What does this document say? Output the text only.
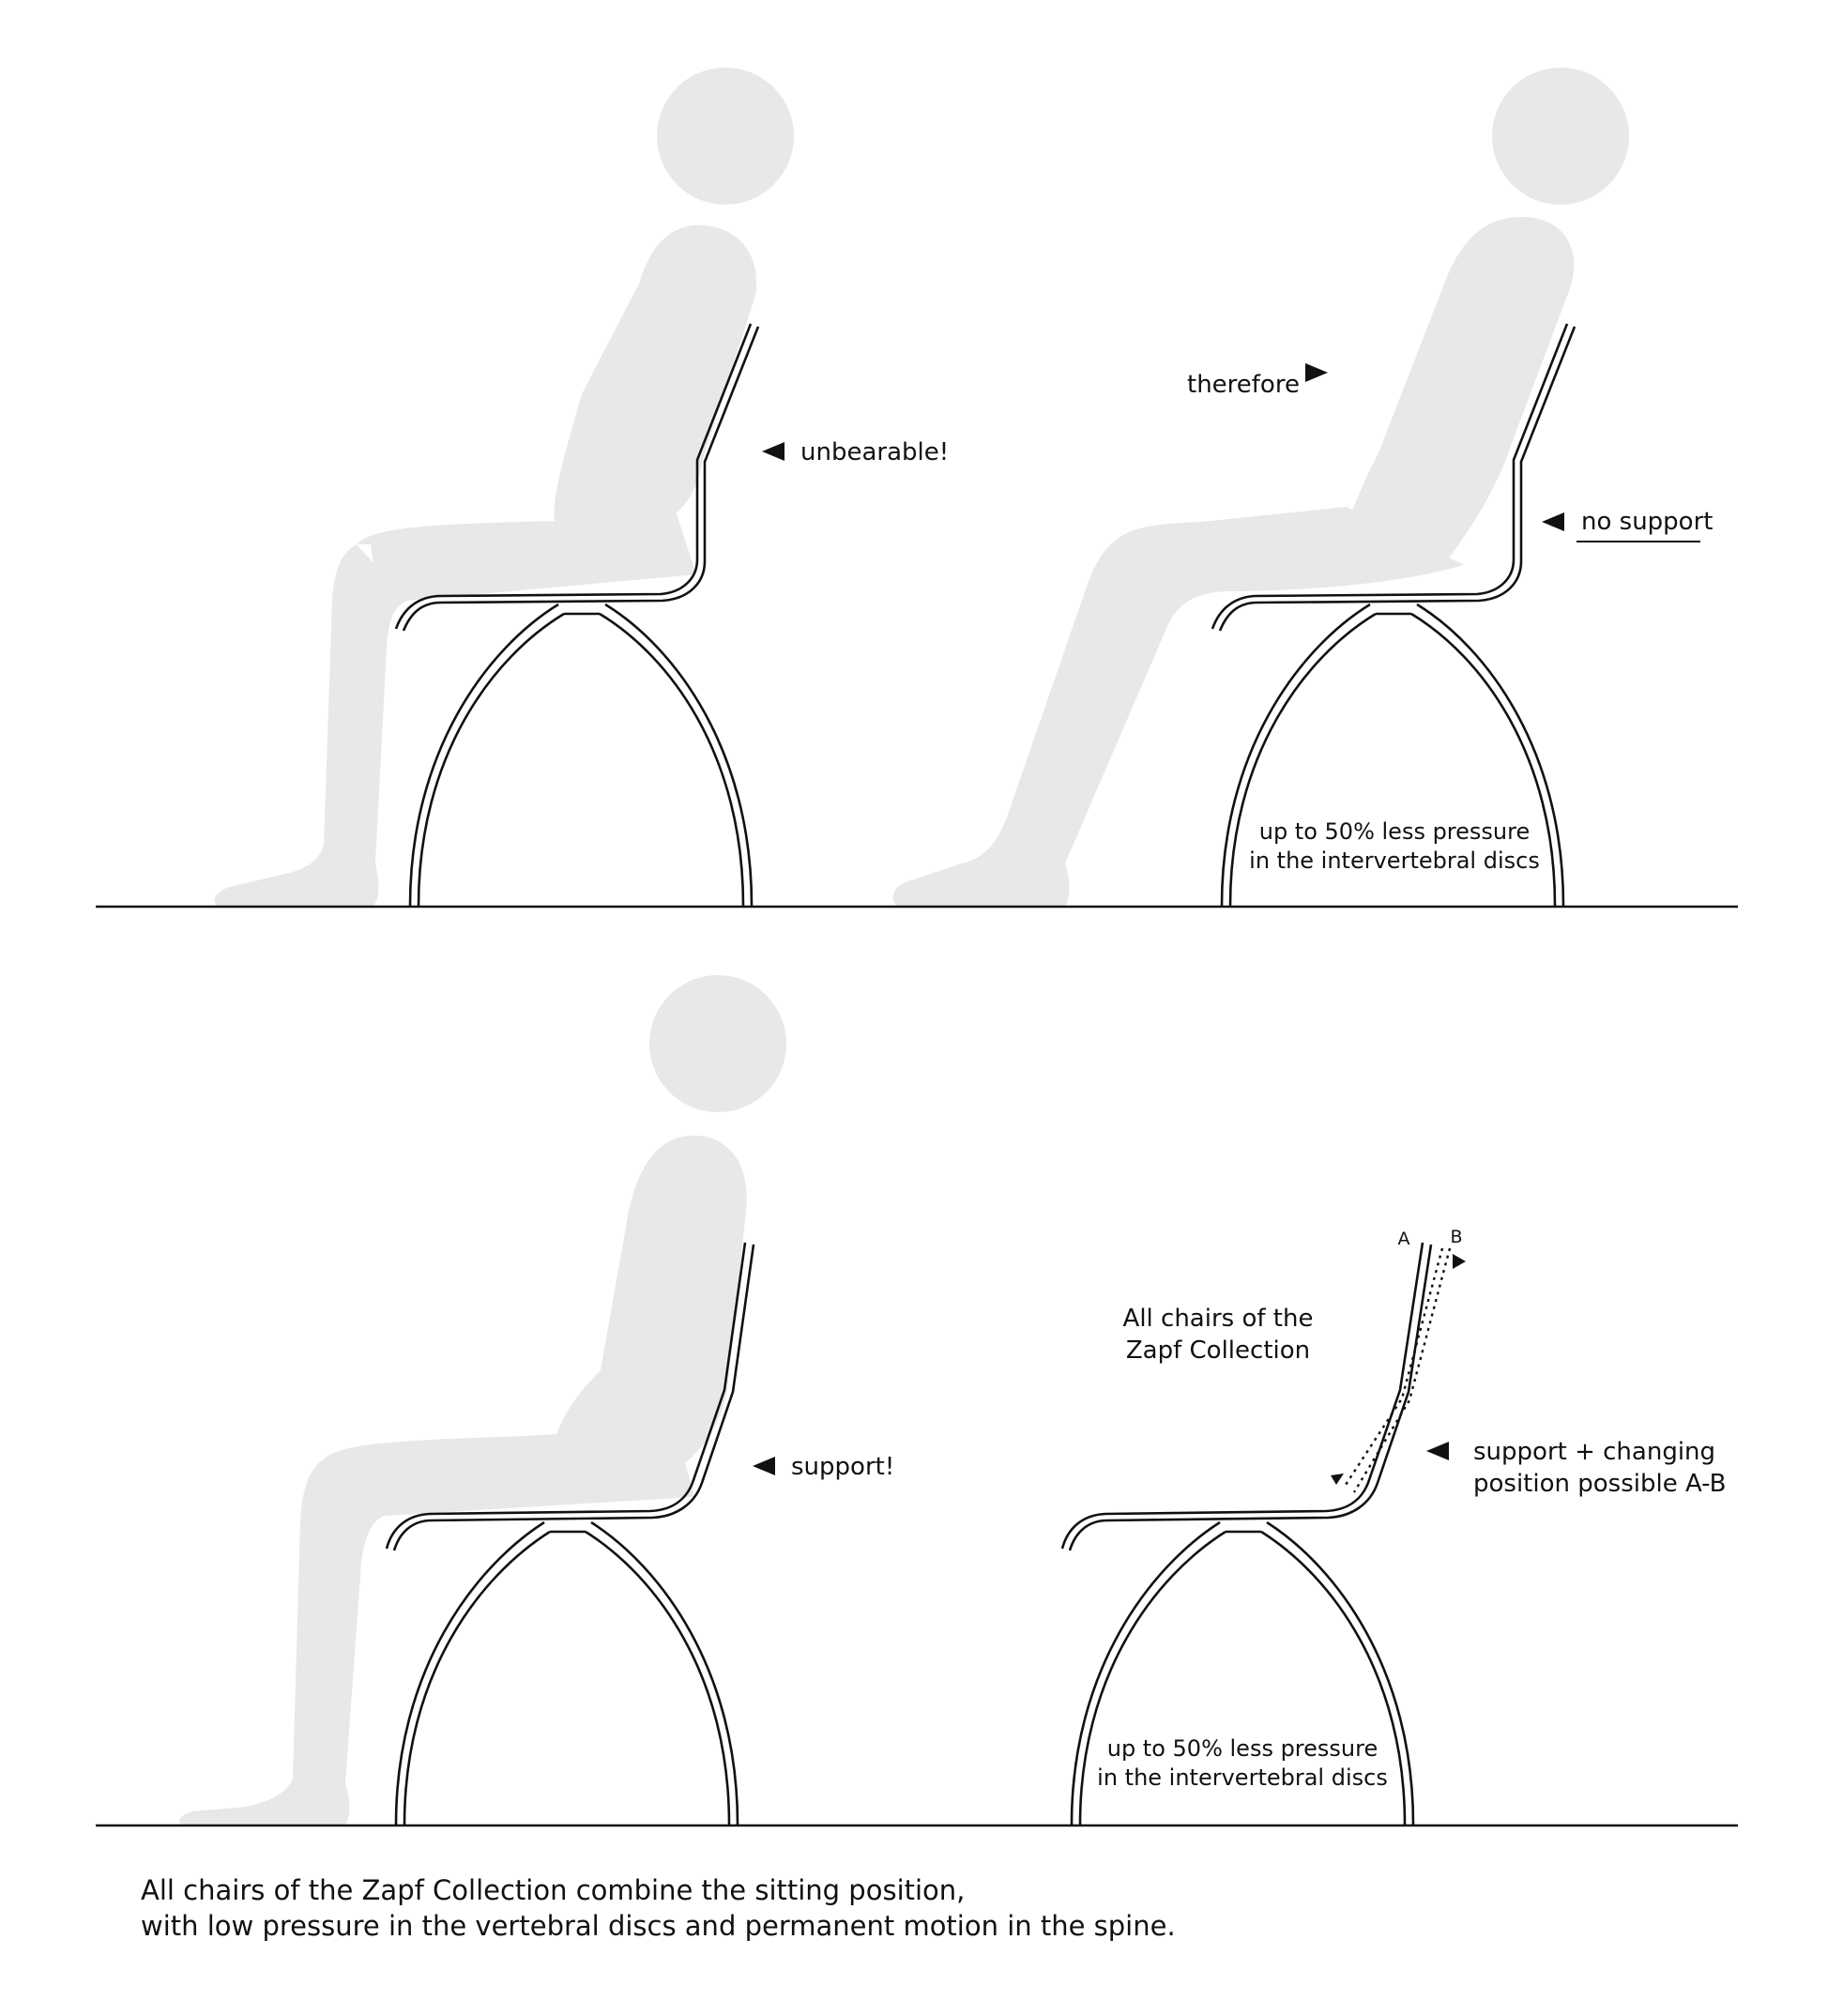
unbearable!
therefore
no support
up to 50% less pressure
in the intervertebral discs
support!
A B
All chairs of the
Zapf Collection
support + changing
position possible A-B
up to 50% less pressure
in the intervertebral discs
All chairs of the Zapf Collection combine the sitting position,
with low pressure in the vertebral discs and permanent motion in the spine.
